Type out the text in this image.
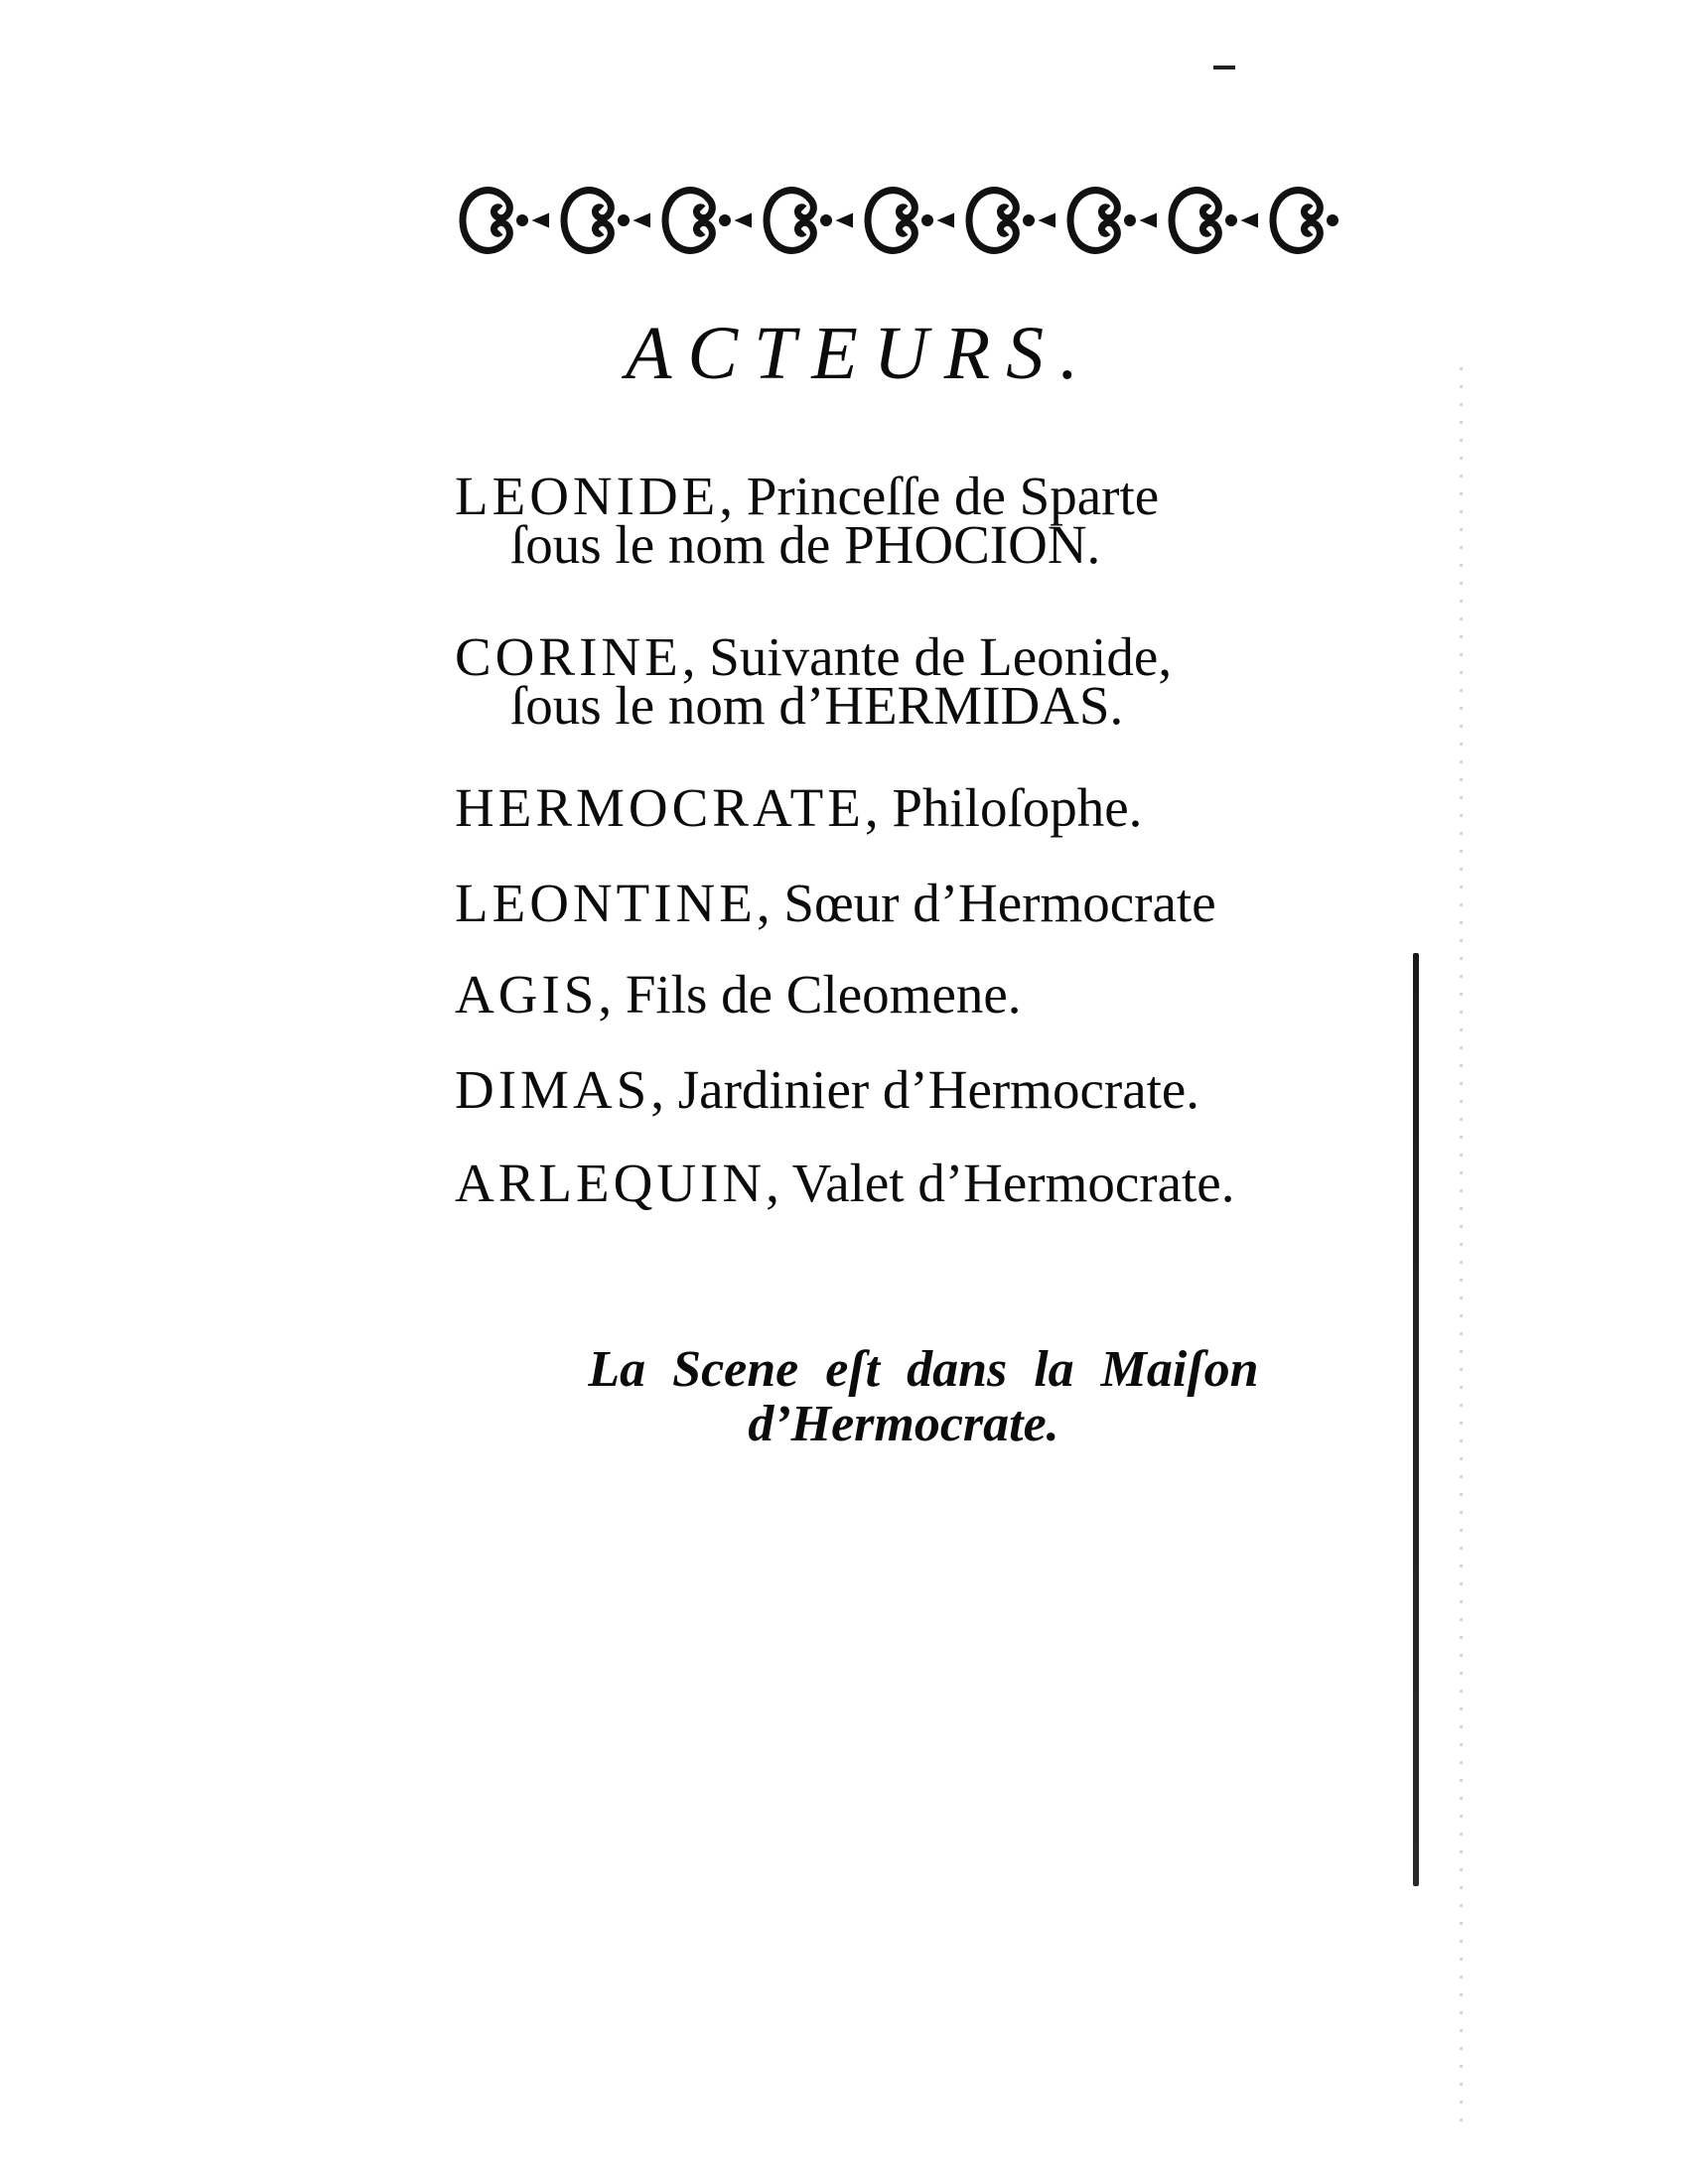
ACTEURS.
LEONIDE, Princeſſe de Sparte
ſous le nom de PHOCION.
CORINE, Suivante de Leonide,
ſous le nom d’HERMIDAS.
HERMOCRATE, Philoſophe.
LEONTINE, Sœur d’Hermocrate
AGIS, Fils de Cleomene.
DIMAS, Jardinier d’Hermocrate.
ARLEQUIN, Valet d’Hermocrate.
La Scene eſt dans la Maiſon
d’Hermocrate.
